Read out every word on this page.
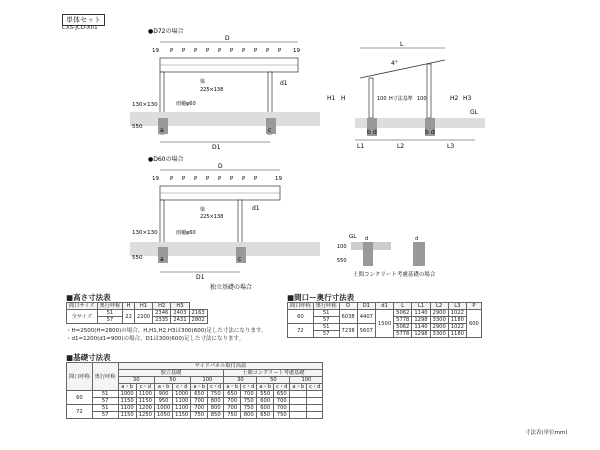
単体セット
CXS-JCD-X01	●D72の場合
D
19	19
P P P P P P P P P P
梁
225×138
雨樋φ60
d1
130×130
a	c
550
D1
●D60の場合
D
19	19
P P P P P P P P
梁
225×138
雨樋φ60
d1
130×130
a	c
550
D1
独立基礎の場合
L
4°
H1 H	H2 H3
GL
100 H寸法基準 100
b d	b d
L1	L2	L3
GL
100
550
d	d
土間コンクリート考慮基礎の場合
■高さ寸法表
間口サイズ	奥行呼称	H	H1	H2	H3	
全サイズ	51	22	2200	2346	2403	2163
	57			2335	2431	2802
・H=2500(H=2800)の場合、H,H1,H2,H3は300(600)足した寸法になります。
・d1=1200(d1=900)の場合、D1は300(600)足した寸法になります。
■間口ー奥行寸法表
間口呼称	奥行呼称	D	D1	d1	L	L1	L2	L3	P
60	51	6038	4407	1500	5062	1140	2900	1022	600
	57				5778	1298	3300	1180	
72	51	7238	5607		5062	1140	2900	1022	
	57				5778	1298	3300	1180	
■基礎寸法表
間口呼称	奥行呼称	サイドパネル取付高温											
		独立基礎						土間コンクリート考慮基礎					
		30		50		100		30		50		100	
		a・b	c・d	a・b	c・d	a・b	c・d	a・b	c・d	a・b	c・d	a・b	c・d
60	51	1000	1100	900	1000	650	750	650	700	550	650		
	57	1150	1150	950	1100	700	800	700	750	600	700		
72	51	1100	1200	1000	1100	700	800	700	750	600	700		
	57	1150	1250	1050	1150	750	850	750	800	650	750		
寸法表(単位mm)
